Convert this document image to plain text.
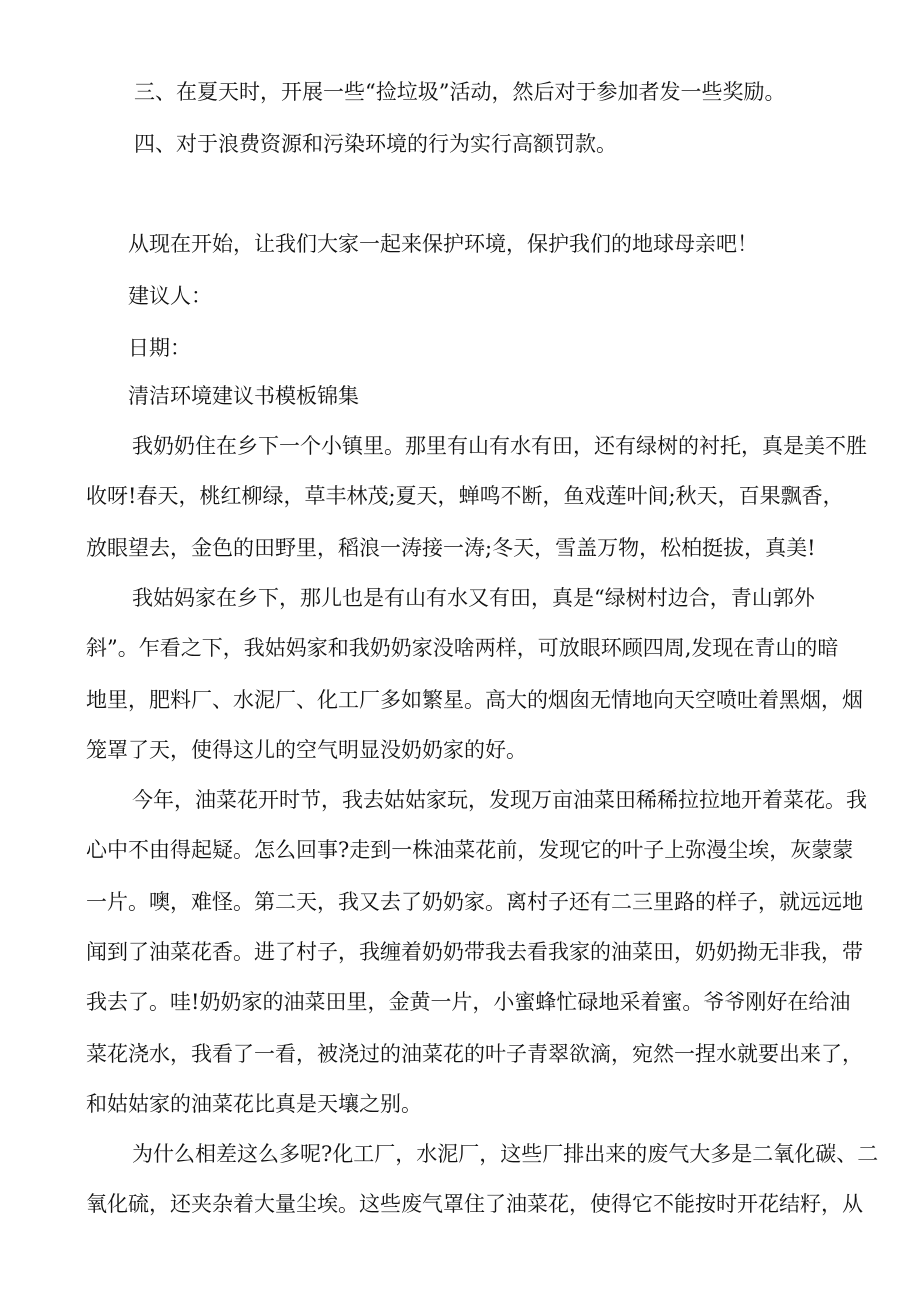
三、在夏天时，开展一些“捡垃圾”活动，然后对于参加者发一些奖励。
四、对于浪费资源和污染环境的行为实行高额罚款。
从现在开始，让我们大家一起来保护环境，保护我们的地球母亲吧！
建议人：
日期：
清洁环境建议书模板锦集
我奶奶住在乡下一个小镇里。那里有山有水有田，还有绿树的衬托，真是美不胜
收呀!春天，桃红柳绿，草丰林茂;夏天，蝉鸣不断，鱼戏莲叶间;秋天，百果飘香，
放眼望去，金色的田野里，稻浪一涛接一涛;冬天，雪盖万物，松柏挺拔，真美!
我姑妈家在乡下，那儿也是有山有水又有田，真是“绿树村边合，青山郭外
斜”。乍看之下，我姑妈家和我奶奶家没啥两样，可放眼环顾四周,发现在青山的暗
地里，肥料厂、水泥厂、化工厂多如繁星。高大的烟囱无情地向天空喷吐着黑烟，烟
笼罩了天，使得这儿的空气明显没奶奶家的好。
今年，油菜花开时节，我去姑姑家玩，发现万亩油菜田稀稀拉拉地开着菜花。我
心中不由得起疑。怎么回事?走到一株油菜花前，发现它的叶子上弥漫尘埃，灰蒙蒙
一片。噢，难怪。第二天，我又去了奶奶家。离村子还有二三里路的样子，就远远地
闻到了油菜花香。进了村子，我缠着奶奶带我去看我家的油菜田，奶奶拗无非我，带
我去了。哇!奶奶家的油菜田里，金黄一片，小蜜蜂忙碌地采着蜜。爷爷刚好在给油
菜花浇水，我看了一看，被浇过的油菜花的叶子青翠欲滴，宛然一捏水就要出来了，
和姑姑家的油菜花比真是天壤之别。
为什么相差这么多呢?化工厂，水泥厂，这些厂排出来的废气大多是二氧化碳、二
氧化硫，还夹杂着大量尘埃。这些废气罩住了油菜花，使得它不能按时开花结籽，从
